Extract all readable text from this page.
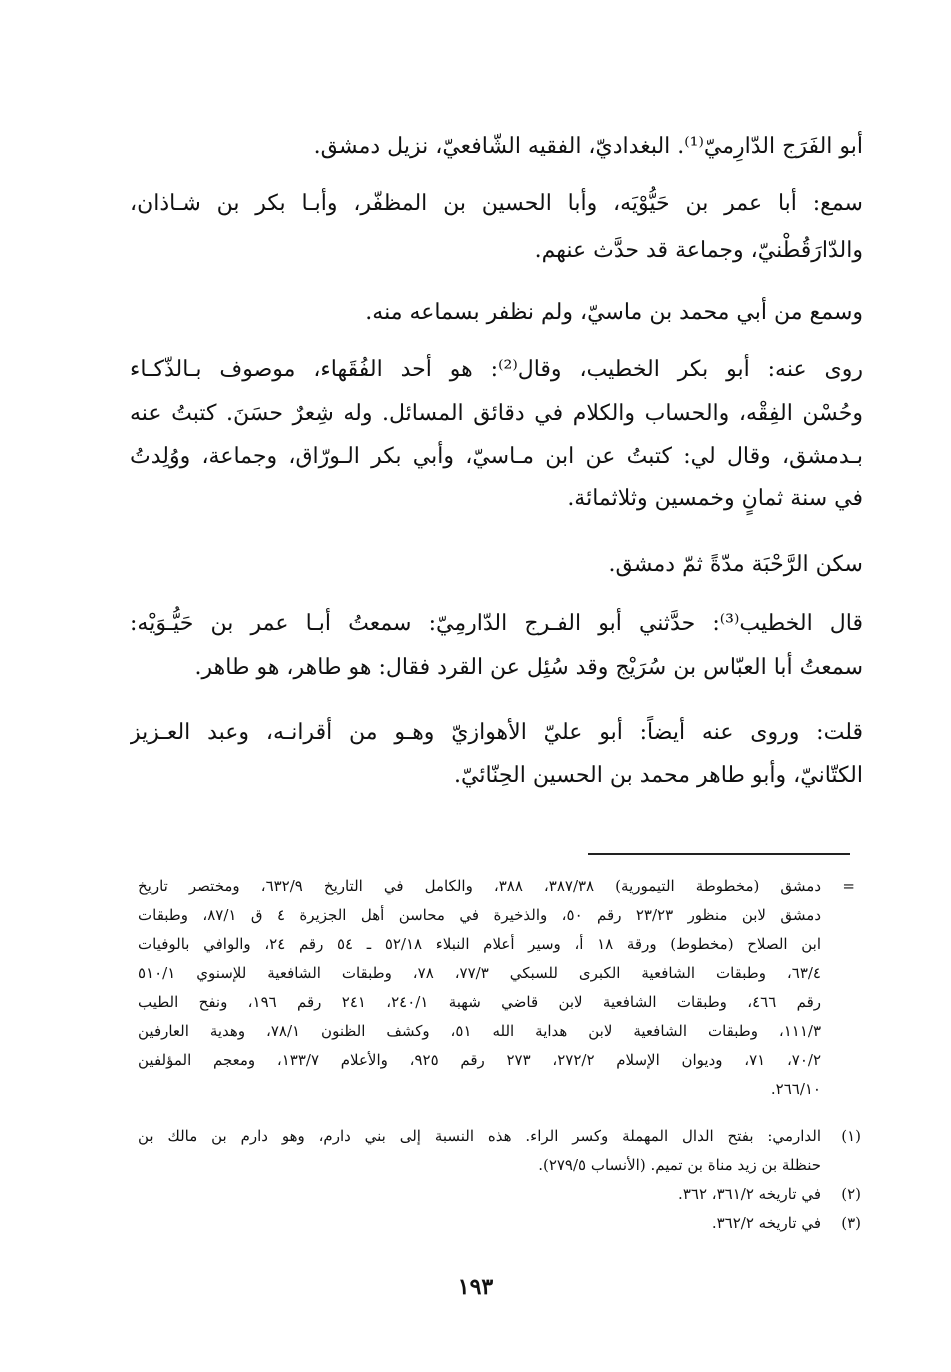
أبو الفَرَج الدّارِميّ⁽¹⁾. البغداديّ، الفقيه الشّافعيّ، نزيل دمشق.
سمع: أبا عمر بن حَيُّوْيَه، وأبا الحسين بن المظفّر، وأبـا بكر بن شـاذان،
والدّارَقُطْنيّ، وجماعة قد حدَّث عنهم.
وسمع من أبي محمد بن ماسيّ، ولم نظفر بسماعه منه.
روى عنه: أبو بكر الخطيب، وقال⁽²⁾: هو أحد الفُقَهاء، موصوف بـالذّكـاء
وحُسْن الفِقْه، والحساب والكلام في دقائق المسائل. وله شِعرٌ حسَنَ. كتبتُ عنه
بـدمشق، وقال لي: كتبتُ عن ابن مـاسيّ، وأبي بكر الـورّاق، وجماعة، ووُلِدتُ
في سنة ثمانٍ وخمسين وثلاثمائة.
سكن الرَّحْبَة مدّةً ثمّ دمشق.
قال الخطيب⁽³⁾: حدَّثني أبو الفـرج الدّارمِيّ: سمعتُ أبـا عمر بن حَيُّـوَيْه:
سمعتُ أبا العبّاس بن سُرَيْج وقد سُئِل عن القرد فقال: هو طاهر، هو طاهر.
قلت: وروى عنه أيضاً: أبو عليّ الأهوازيّ وهـو من أقرانـه، وعبد العـزيز
الكتّانيّ، وأبو طاهر محمد بن الحسين الحِنّائيّ.
=
دمشق (مخطوطة التيمورية) ٣٨٧/٣٨، ٣٨٨، والكامل في التاريخ ٦٣٢/٩، ومختصر تاريخ
دمشق لابن منظور ٢٣/٢٣ رقم ٥٠، والذخيرة في محاسن أهل الجزيرة ٤ ق ٨٧/١، وطبقات
ابن الصلاح (مخطوط) ورقة ١٨ أ، وسير أعلام النبلاء ٥٢/١٨ ـ ٥٤ رقم ٢٤، والوافي بالوفيات
٦٣/٤، وطبقات الشافعية الكبرى للسبكي ٧٧/٣، ٧٨، وطبقات الشافعية للإسنوي ٥١٠/١
رقم ٤٦٦، وطبقات الشافعية لابن قاضي شهبة ٢٤٠/١، ٢٤١ رقم ١٩٦، ونفح الطيب
١١١/٣، وطبقات الشافعية لابن هداية الله ٥١، وكشف الظنون ٧٨/١، وهدية العارفين
٧٠/٢، ٧١، وديوان الإسلام ٢٧٢/٢، ٢٧٣ رقم ٩٢٥، والأعلام ١٣٣/٧، ومعجم المؤلفين
٢٦٦/١٠.
(١)
الدارمي: بفتح الدال المهملة وكسر الراء. هذه النسبة إلى بني دارم، وهو دارم بن مالك بن
حنظلة بن زيد مناة بن تميم. (الأنساب ٢٧٩/٥).
(٢)
في تاريخه ٣٦١/٢، ٣٦٢.
(٣)
في تاريخه ٣٦٢/٢.
١٩٣
